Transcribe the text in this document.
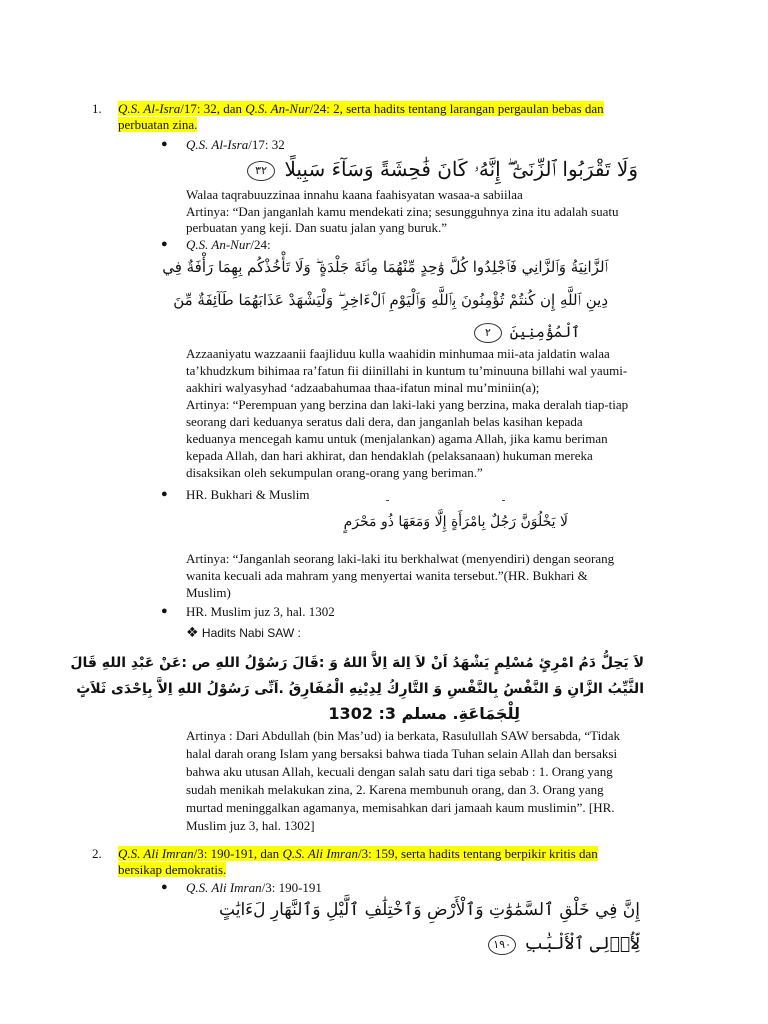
1. Q.S. Al-Isra/17: 32, dan Q.S. An-Nur/24: 2, serta hadits tentang larangan pergaulan bebas dan
perbuatan zina.
● Q.S. Al-Isra/17: 32
وَلَا تَقْرَبُوا ٱلزِّنَىٰٓ ۖ إِنَّهُۥ كَانَ فَٰحِشَةً وَسَآءَ سَبِيلًا ٣٢
Walaa taqrabuuzzinaa innahu kaana faahisyatan wasaa-a sabiilaa
Artinya: “Dan janganlah kamu mendekati zina; sesungguhnya zina itu adalah suatu
perbuatan yang keji. Dan suatu jalan yang buruk.”
● Q.S. An-Nur/24:
ٱلزَّانِيَةُ وَٱلزَّانِي فَٱجْلِدُوا كُلَّ وَٰحِدٍ مِّنْهُمَا مِا۟ئَةَ جَلْدَةٍ ۖ وَلَا تَأْخُذْكُم بِهِمَا رَأْفَةٌ فِي
دِينِ ٱللَّهِ إِن كُنتُمْ تُؤْمِنُونَ بِٱللَّهِ وَٱلْيَوْمِ ٱلْءَاخِرِ ۖ وَلْيَشْهَدْ عَذَابَهُمَا طَآئِفَةٌ مِّنَ
ٱلْمُؤْمِنِينَ ٢
Azzaaniyatu wazzaanii faajliduu kulla waahidin minhumaa mii-ata jaldatin walaa
ta’khudzkum bihimaa ra’fatun fii diinillahi in kuntum tu’minuuna billahi wal yaumi-
aakhiri walyasyhad ‘adzaabahumaa thaa-ifatun minal mu’miniin(a);
Artinya: “Perempuan yang berzina dan laki-laki yang berzina, maka deralah tiap-tiap
seorang dari keduanya seratus dali dera, dan janganlah belas kasihan kepada
keduanya mencegah kamu untuk (menjalankan) agama Allah, jika kamu beriman
kepada Allah, dan hari akhirat, dan hendaklah (pelaksanaan) hukuman mereka
disaksikan oleh sekumpulan orang-orang yang beriman.”
● HR. Bukhari & Muslim
لَا يَخْلُوَنَّ رَجُلٌ بِامْرَأَةٍ إِلَّا وَمَعَهَا ذُو مَحْرَمٍ
Artinya: “Janganlah seorang laki-laki itu berkhalwat (menyendiri) dengan seorang
wanita kecuali ada mahram yang menyertai wanita tersebut.”(HR. Bukhari &
Muslim)
● HR. Muslim juz 3, hal. 1302
❖ Hadits Nabi SAW :
لاَ يَحِلُّ دَمُ امْرِئٍ مُسْلِمٍ يَشْهَدُ اَنْ لاَ اِلهَ اِلاَّ اللهُ وَ :قَالَ رَسُوْلُ اللهِ ص :عَنْ عَبْدِ اللهِ قَالَ
الثَّيِّبُ الزَّانِ وَ النَّفْسُ بِالنَّفْسِ وَ التَّارِكُ لِدِيْنِهِ الْمُفَارِقُ .اَنِّى رَسُوْلُ اللهِ اِلاَّ بِاِحْدَى ثَلاَثٍ
لِلْجَمَاعَةِ. مسلم 3: 1302
Artinya : Dari Abdullah (bin Mas’ud) ia berkata, Rasulullah SAW bersabda, “Tidak
halal darah orang Islam yang bersaksi bahwa tiada Tuhan selain Allah dan bersaksi
bahwa aku utusan Allah, kecuali dengan salah satu dari tiga sebab : 1. Orang yang
sudah menikah melakukan zina, 2. Karena membunuh orang, dan 3. Orang yang
murtad meninggalkan agamanya, memisahkan dari jamaah kaum muslimin”. [HR.
Muslim juz 3, hal. 1302]
2. Q.S. Ali Imran/3: 190-191, dan Q.S. Ali Imran/3: 159, serta hadits tentang berpikir kritis dan
bersikap demokratis.
● Q.S. Ali Imran/3: 190-191
إِنَّ فِي خَلْقِ ٱلسَّمَٰوَٰتِ وَٱلْأَرْضِ وَٱخْتِلَٰفِ ٱلَّيْلِ وَٱلنَّهَارِ لَءَايَٰتٍ
لِّأُو۟لِى ٱلْأَلْبَٰبِ ١٩٠
